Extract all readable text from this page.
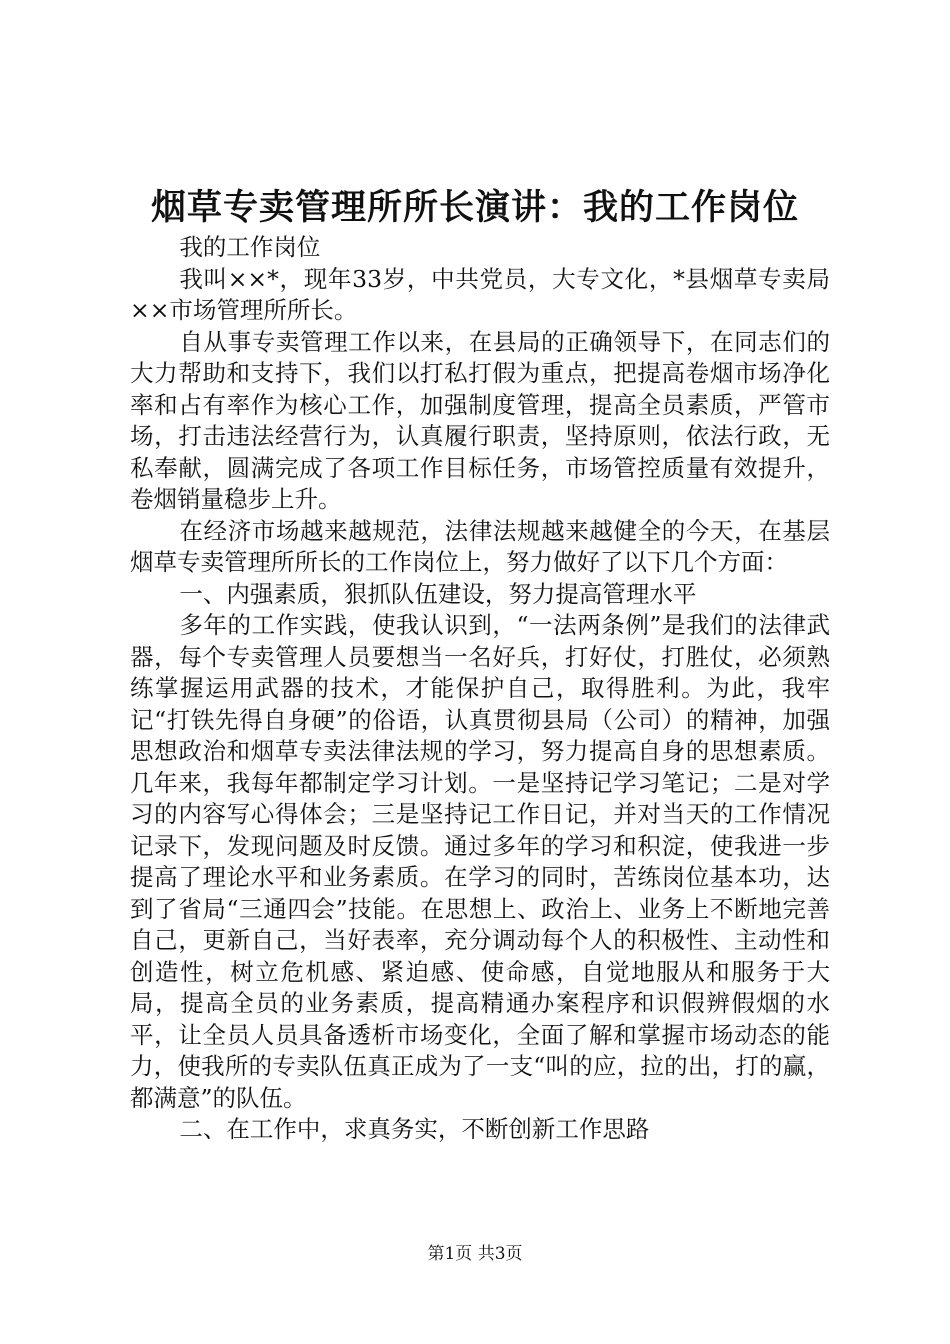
烟草专卖管理所所长演讲：我的工作岗位

我的工作岗位

我叫××*，现年33岁，中共党员，大专文化，*县烟草专卖局××市场管理所所长。

自从事专卖管理工作以来，在县局的正确领导下，在同志们的大力帮助和支持下，我们以打私打假为重点，把提高卷烟市场净化率和占有率作为核心工作，加强制度管理，提高全员素质，严管市场，打击违法经营行为，认真履行职责，坚持原则，依法行政，无私奉献，圆满完成了各项工作目标任务，市场管控质量有效提升，卷烟销量稳步上升。

在经济市场越来越规范，法律法规越来越健全的今天，在基层烟草专卖管理所所长的工作岗位上，努力做好了以下几个方面：

一、内强素质，狠抓队伍建设，努力提高管理水平

多年的工作实践，使我认识到，“一法两条例”是我们的法律武器，每个专卖管理人员要想当一名好兵，打好仗，打胜仗，必须熟练掌握运用武器的技术，才能保护自己，取得胜利。为此，我牢记“打铁先得自身硬”的俗语，认真贯彻县局（公司）的精神，加强思想政治和烟草专卖法律法规的学习，努力提高自身的思想素质。几年来，我每年都制定学习计划。一是坚持记学习笔记；二是对学习的内容写心得体会；三是坚持记工作日记，并对当天的工作情况记录下，发现问题及时反馈。通过多年的学习和积淀，使我进一步提高了理论水平和业务素质。在学习的同时，苦练岗位基本功，达到了省局“三通四会”技能。在思想上、政治上、业务上不断地完善自己，更新自己，当好表率，充分调动每个人的积极性、主动性和创造性，树立危机感、紧迫感、使命感，自觉地服从和服务于大局，提高全员的业务素质，提高精通办案程序和识假辨假烟的水平，让全员人员具备透析市场变化，全面了解和掌握市场动态的能力，使我所的专卖队伍真正成为了一支“叫的应，拉的出，打的赢，都满意”的队伍。

二、在工作中，求真务实，不断创新工作思路

第1页 共3页
